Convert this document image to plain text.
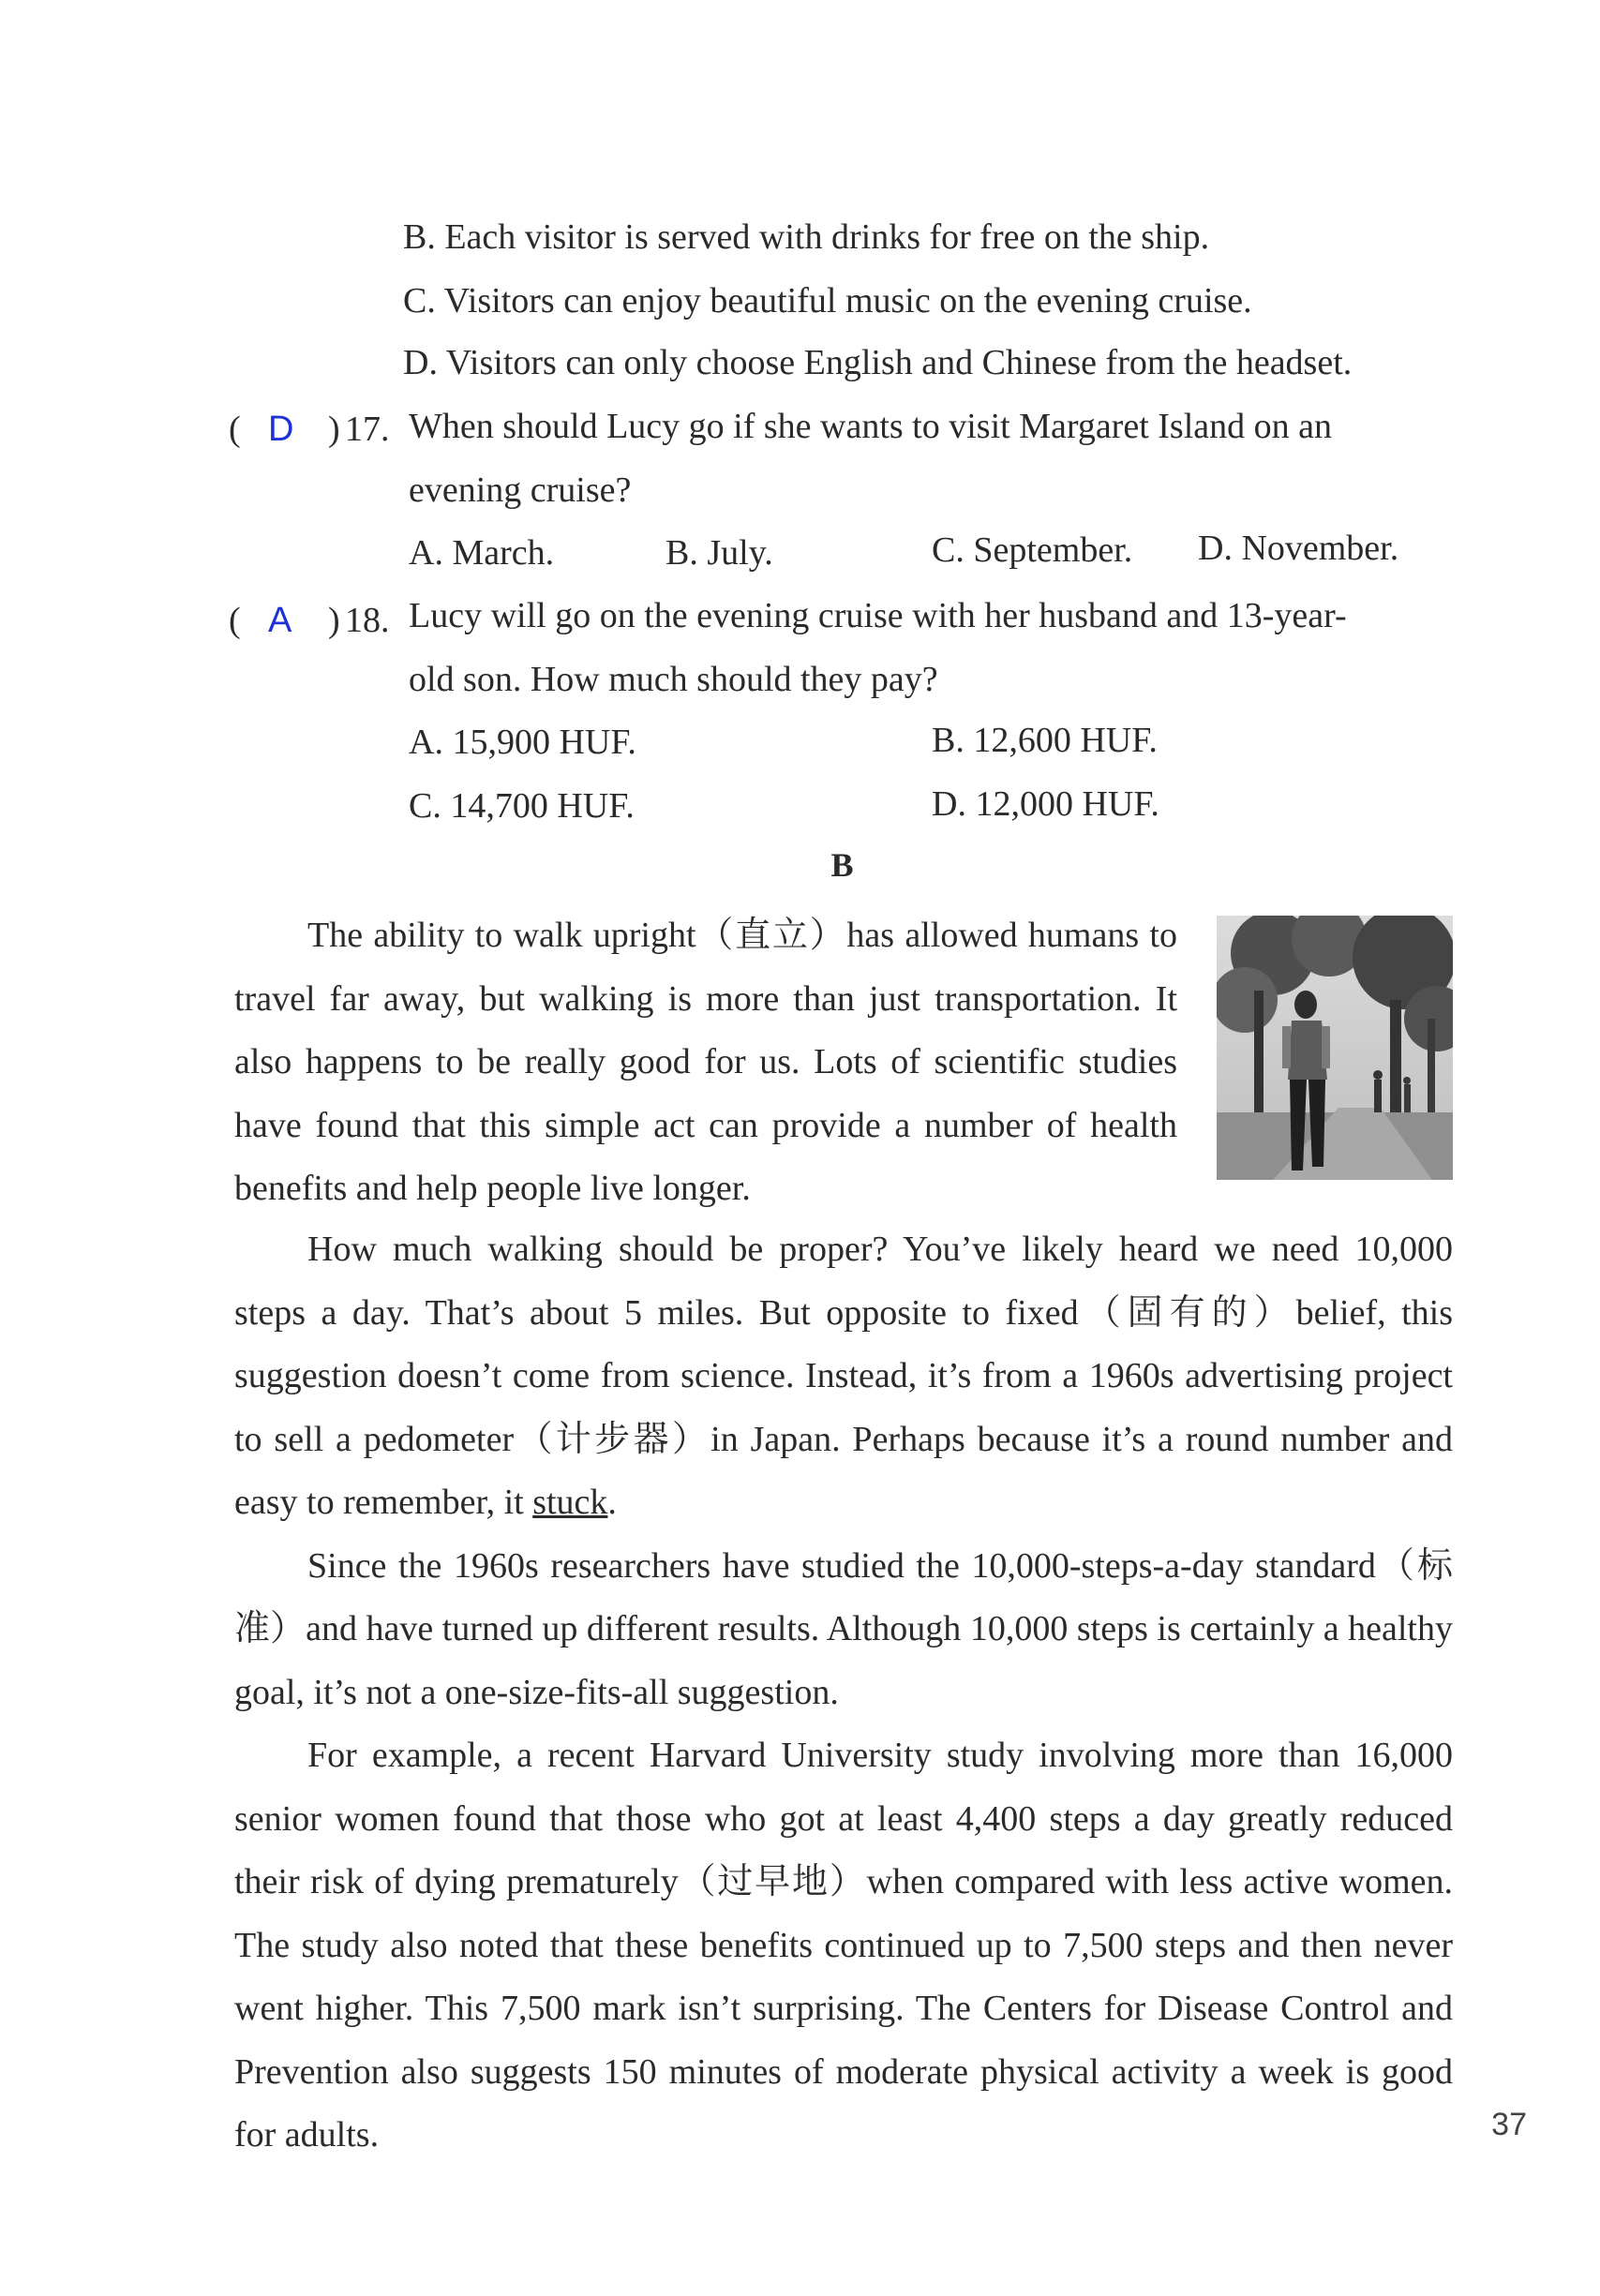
B. Each visitor is served with drinks for free on the ship.
C. Visitors can enjoy beautiful music on the evening cruise.
D. Visitors can only choose English and Chinese from the headset.
( D ) 17. When should Lucy go if she wants to visit Margaret Island on an
evening cruise?
A. March.	B. July.	C. September. D. November.
( A ) 18. Lucy will go on the evening cruise with her husband and 13-year-
old son. How much should they pay?
A. 15,900 HUF.	B. 12,600 HUF.
C. 14,700 HUF.	D. 12,000 HUF.
B

The ability to walk upright（直立）has allowed humans to travel far away, but walking is more than just transportation. It also happens to be really good for us. Lots of scientific studies have found that this simple act can provide a number of health benefits and help people live longer.

How much walking should be proper? You’ve likely heard we need 10,000 steps a day. That’s about 5 miles. But opposite to fixed（固有的）belief, this suggestion doesn’t come from science. Instead, it’s from a 1960s advertising project to sell a pedometer（计步器）in Japan. Perhaps because it’s a round number and easy to remember, it stuck.

Since the 1960s researchers have studied the 10,000-steps-a-day standard（标准）and have turned up different results. Although 10,000 steps is certainly a healthy goal, it’s not a one-size-fits-all suggestion.

For example, a recent Harvard University study involving more than 16,000 senior women found that those who got at least 4,400 steps a day greatly reduced their risk of dying prematurely（过早地）when compared with less active women. The study also noted that these benefits continued up to 7,500 steps and then never went higher. This 7,500 mark isn’t surprising. The Centers for Disease Control and Prevention also suggests 150 minutes of moderate physical activity a week is good for adults.	37
